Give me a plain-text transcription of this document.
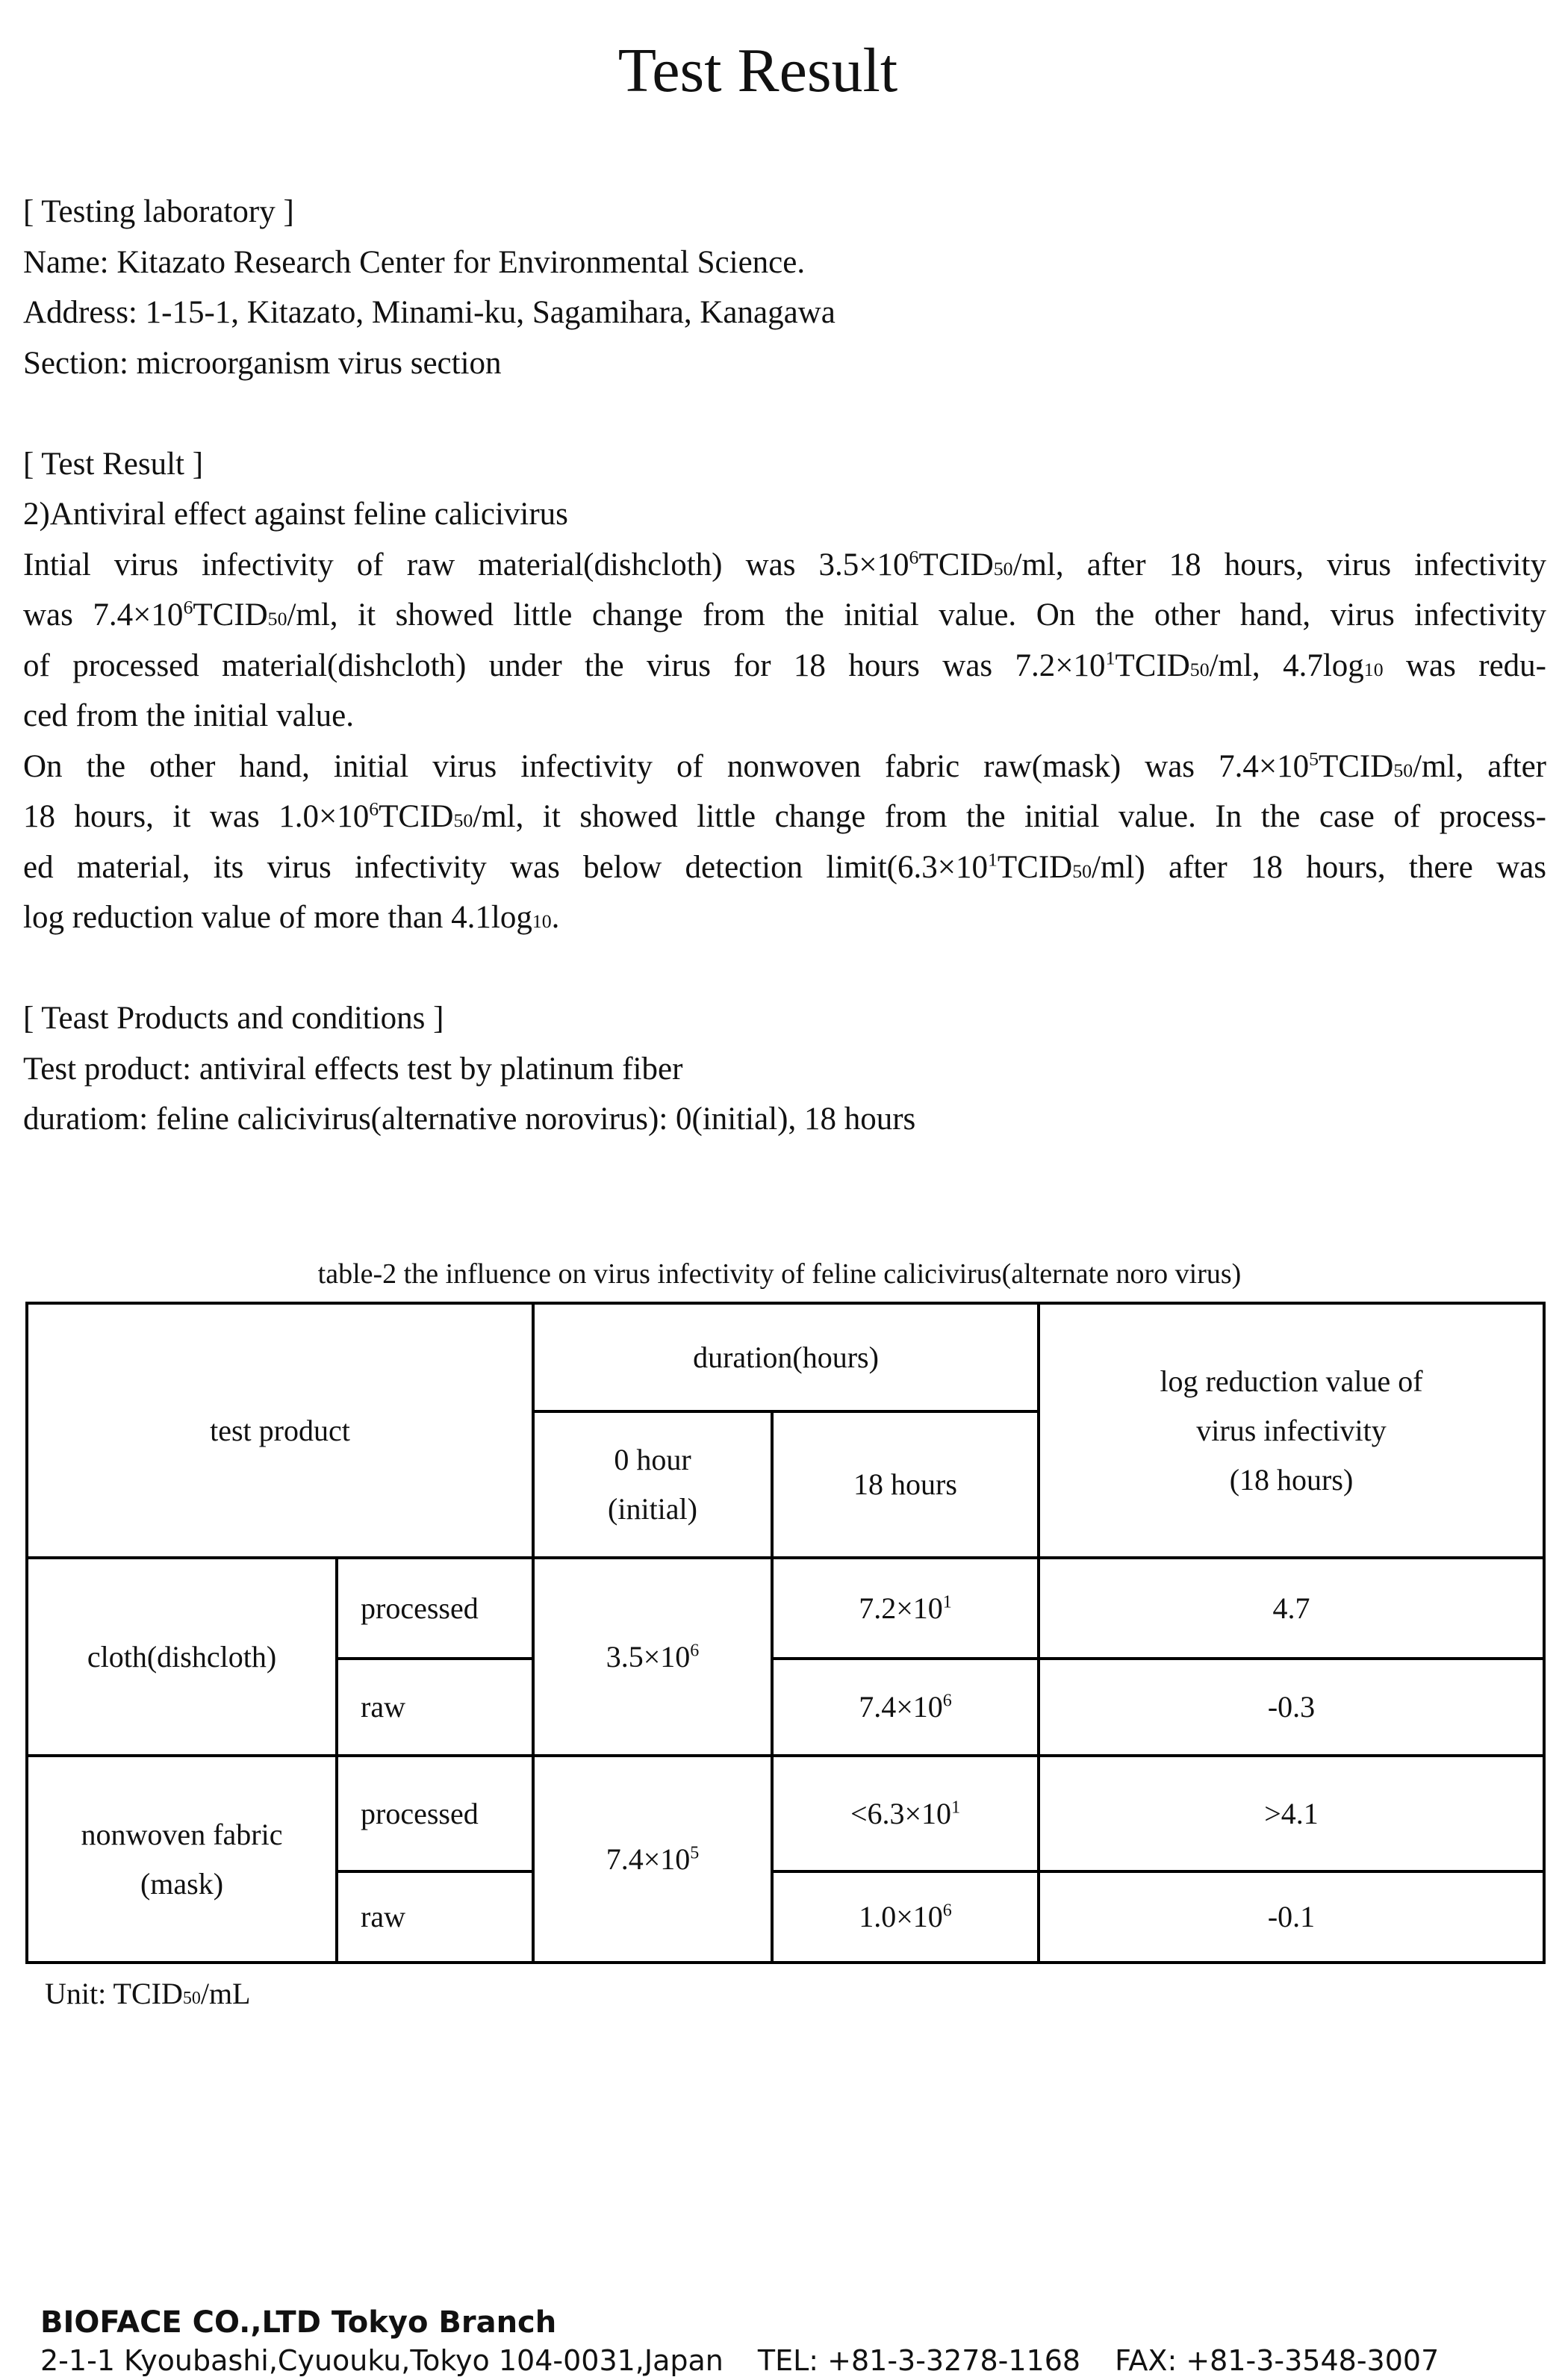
Test Result
[ Testing laboratory ]
Name: Kitazato Research Center for Environmental Science.
Address: 1-15-1, Kitazato, Minami-ku, Sagamihara, Kanagawa
Section: microorganism virus section
[ Test Result ]
2)Antiviral effect against feline calicivirus
Intial virus infectivity of raw material(dishcloth) was $3.5\times 10^6TCID50/ml$, after 18 hours, virus infectivity
was $7.4\times 10^6TCID50/ml$, it showed little change from the initial value. On the other hand, virus infectivity
of processed material(dishcloth) under the virus for 18 hours was $7.2\times 10^1TCID50/ml$, 4.7log10 was redu-
ced from the initial value.
On the other hand, initial virus infectivity of nonwoven fabric raw(mask) was $7.4\times 10^5TCID50/ml$, after
18 hours, it was $1.0\times 10^6TCID50/ml$, it showed little change from the initial value. In the case of process-
ed material, its virus infectivity was below detection $limit(6.3\times 10^1TCID50/ml)$ after 18 hours, there was
log reduction value of more than 4.1log10.
[ Teast Products and conditions ]
Test product: antiviral effects test by platinum fiber
duratiom: feline calicivirus(alternative norovirus): 0(initial), 18 hours
table-2 the influence on virus infectivity of feline calicivirus(alternate noro virus)
test product		duration(hours)		log reduction value of
virus infectivity
(18 hours)

		0 hour
(initial)	18 hours	
cloth(dishcloth)	processed	$3.5\times 10^6$	$7.2\times 10^1$	4.7
	raw		$7.4\times 10^6$	-0.3

nonwoven fabric
(mask)	processed	$7.4\times 10^5$	$<6.3\times 10^1$	>4.1
	raw		$1.0\times 10^6$	-0.1
Unit: TCID50/mL
BIOFACE CO.,LTD Tokyo Branch
2-1-1 Kyoubashi,Cyuouku,Tokyo 104-0031,Japan TEL: +81-3-3278-1168 FAX: +81-3-3548-3007
